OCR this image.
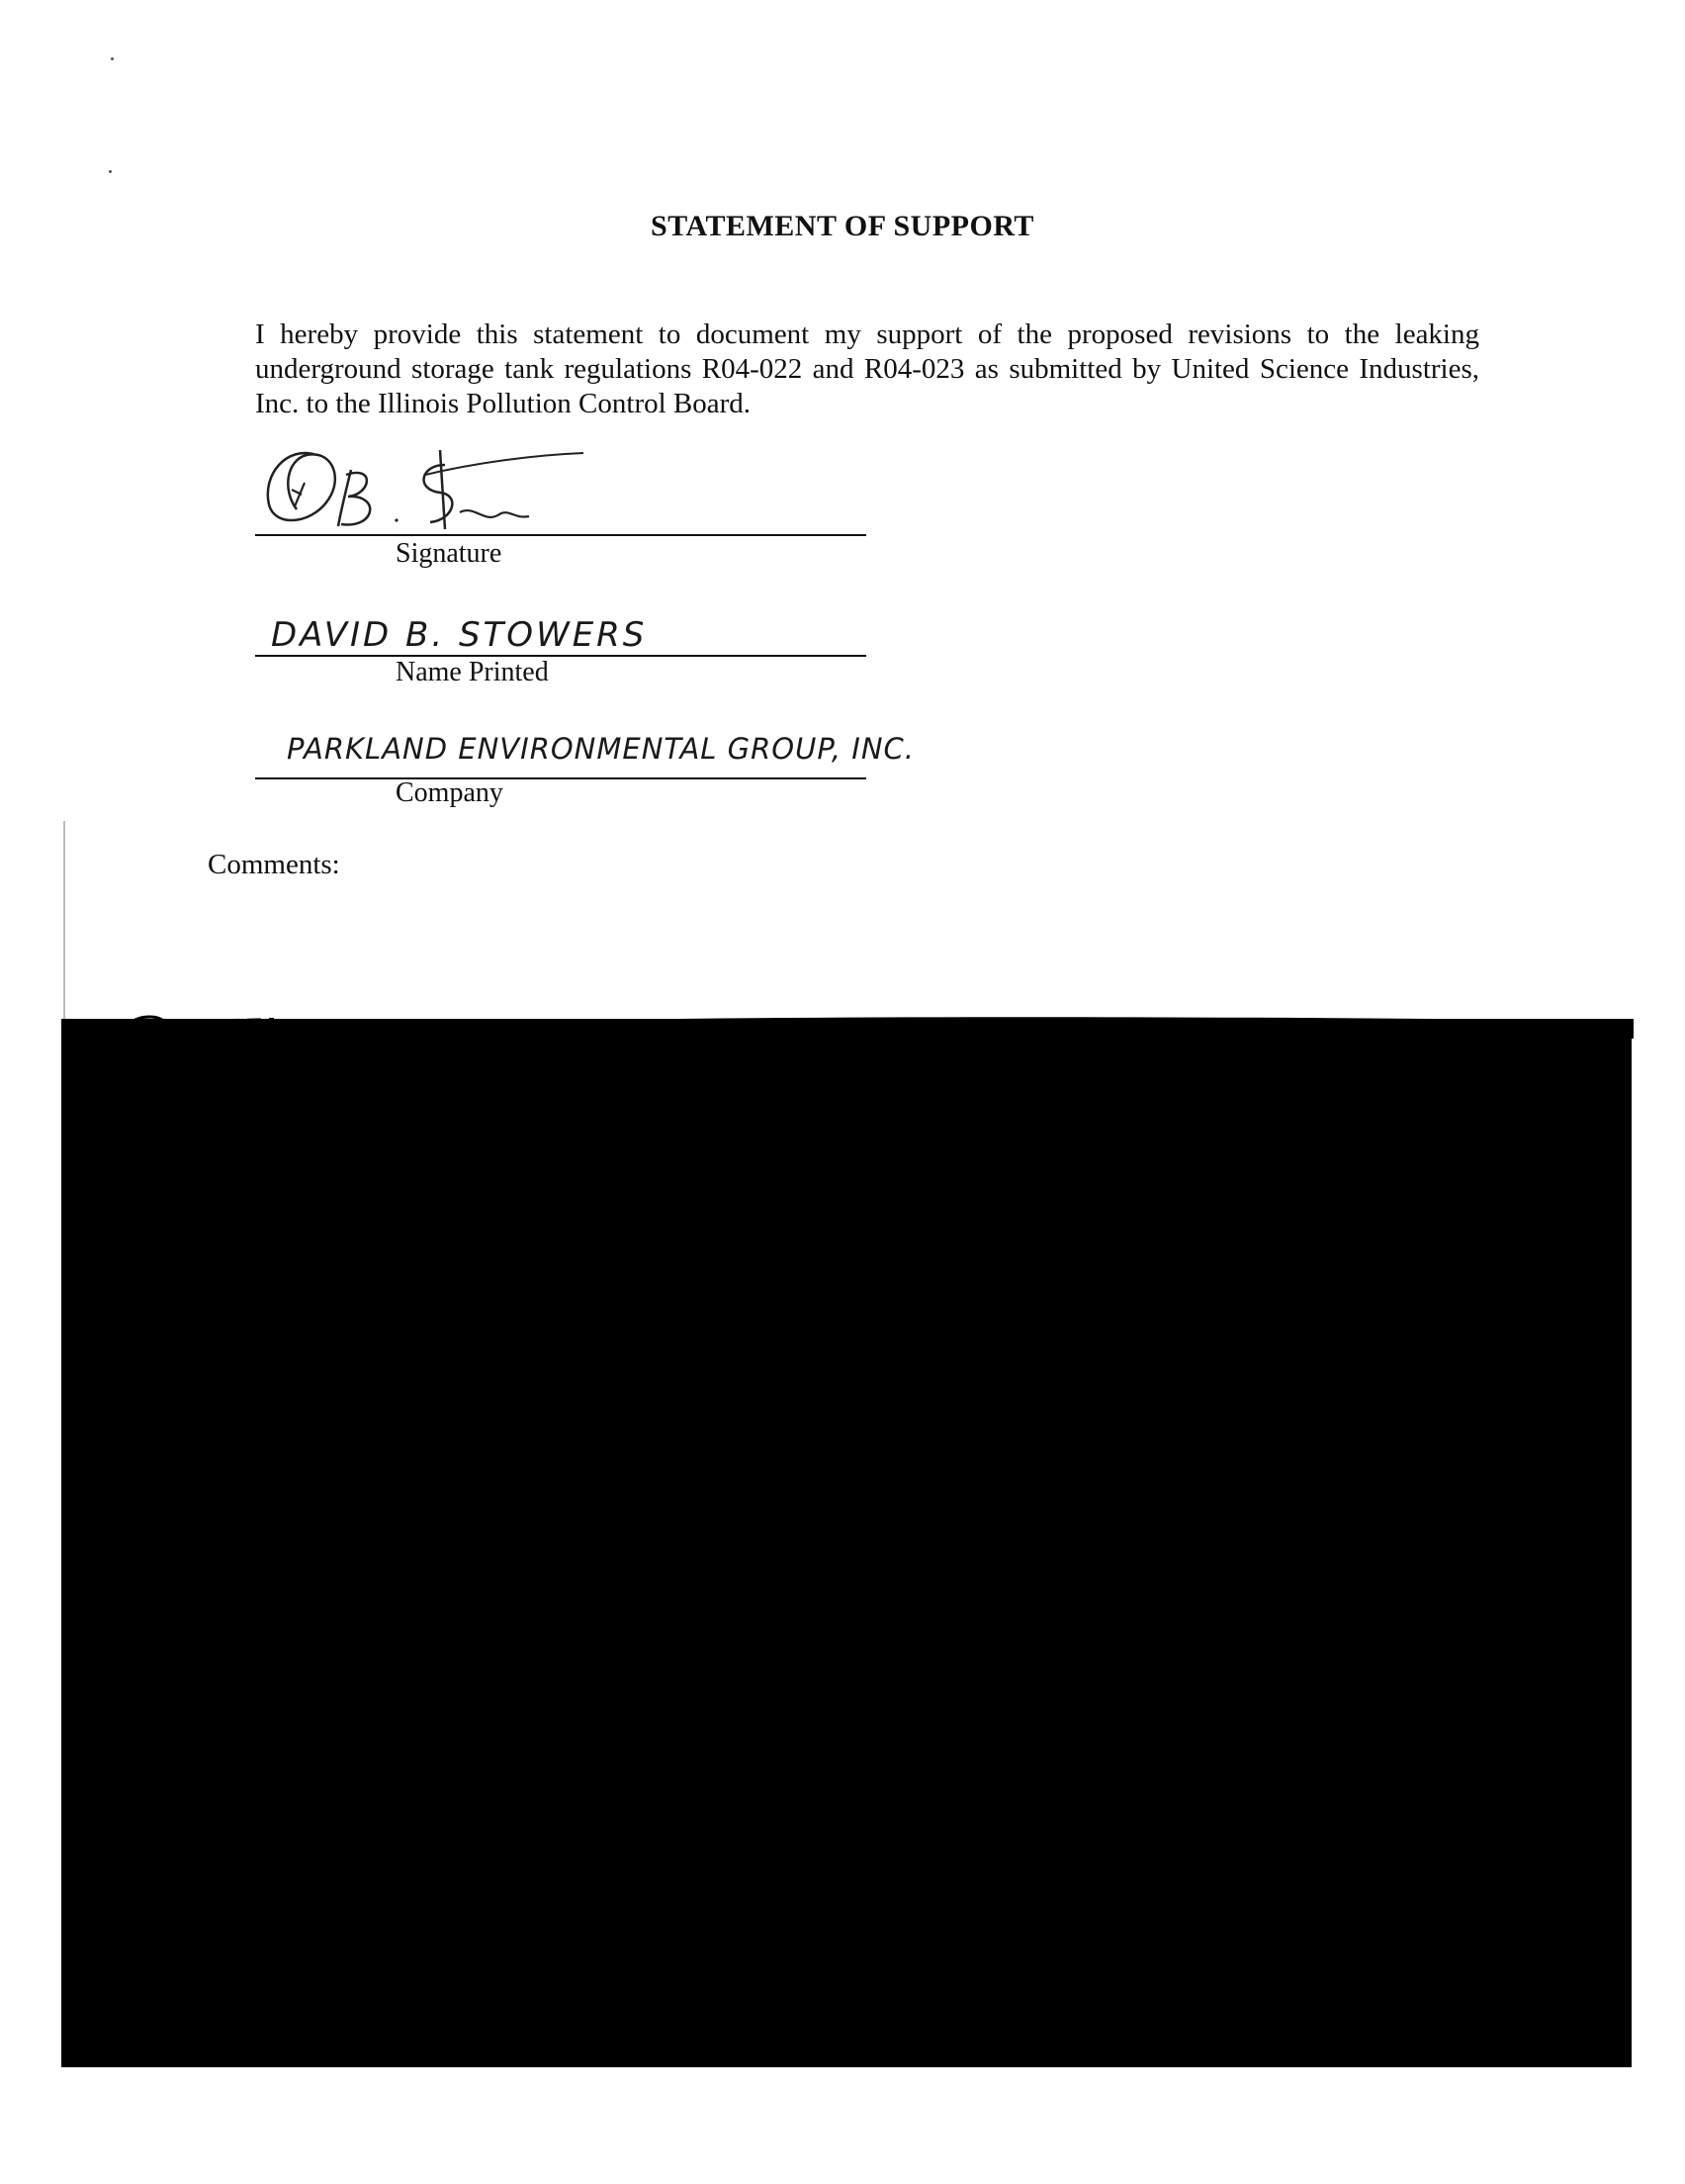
STATEMENT OF SUPPORT
I hereby provide this statement to document my support of the proposed revisions to the leaking underground storage tank regulations R04-022 and R04-023 as submitted by United Science Industries, Inc. to the Illinois Pollution Control Board.
Signature
DAVID B. STOWERS
Name Printed
PARKLAND ENVIRONMENTAL GROUP, INC.
Company
Comments:
